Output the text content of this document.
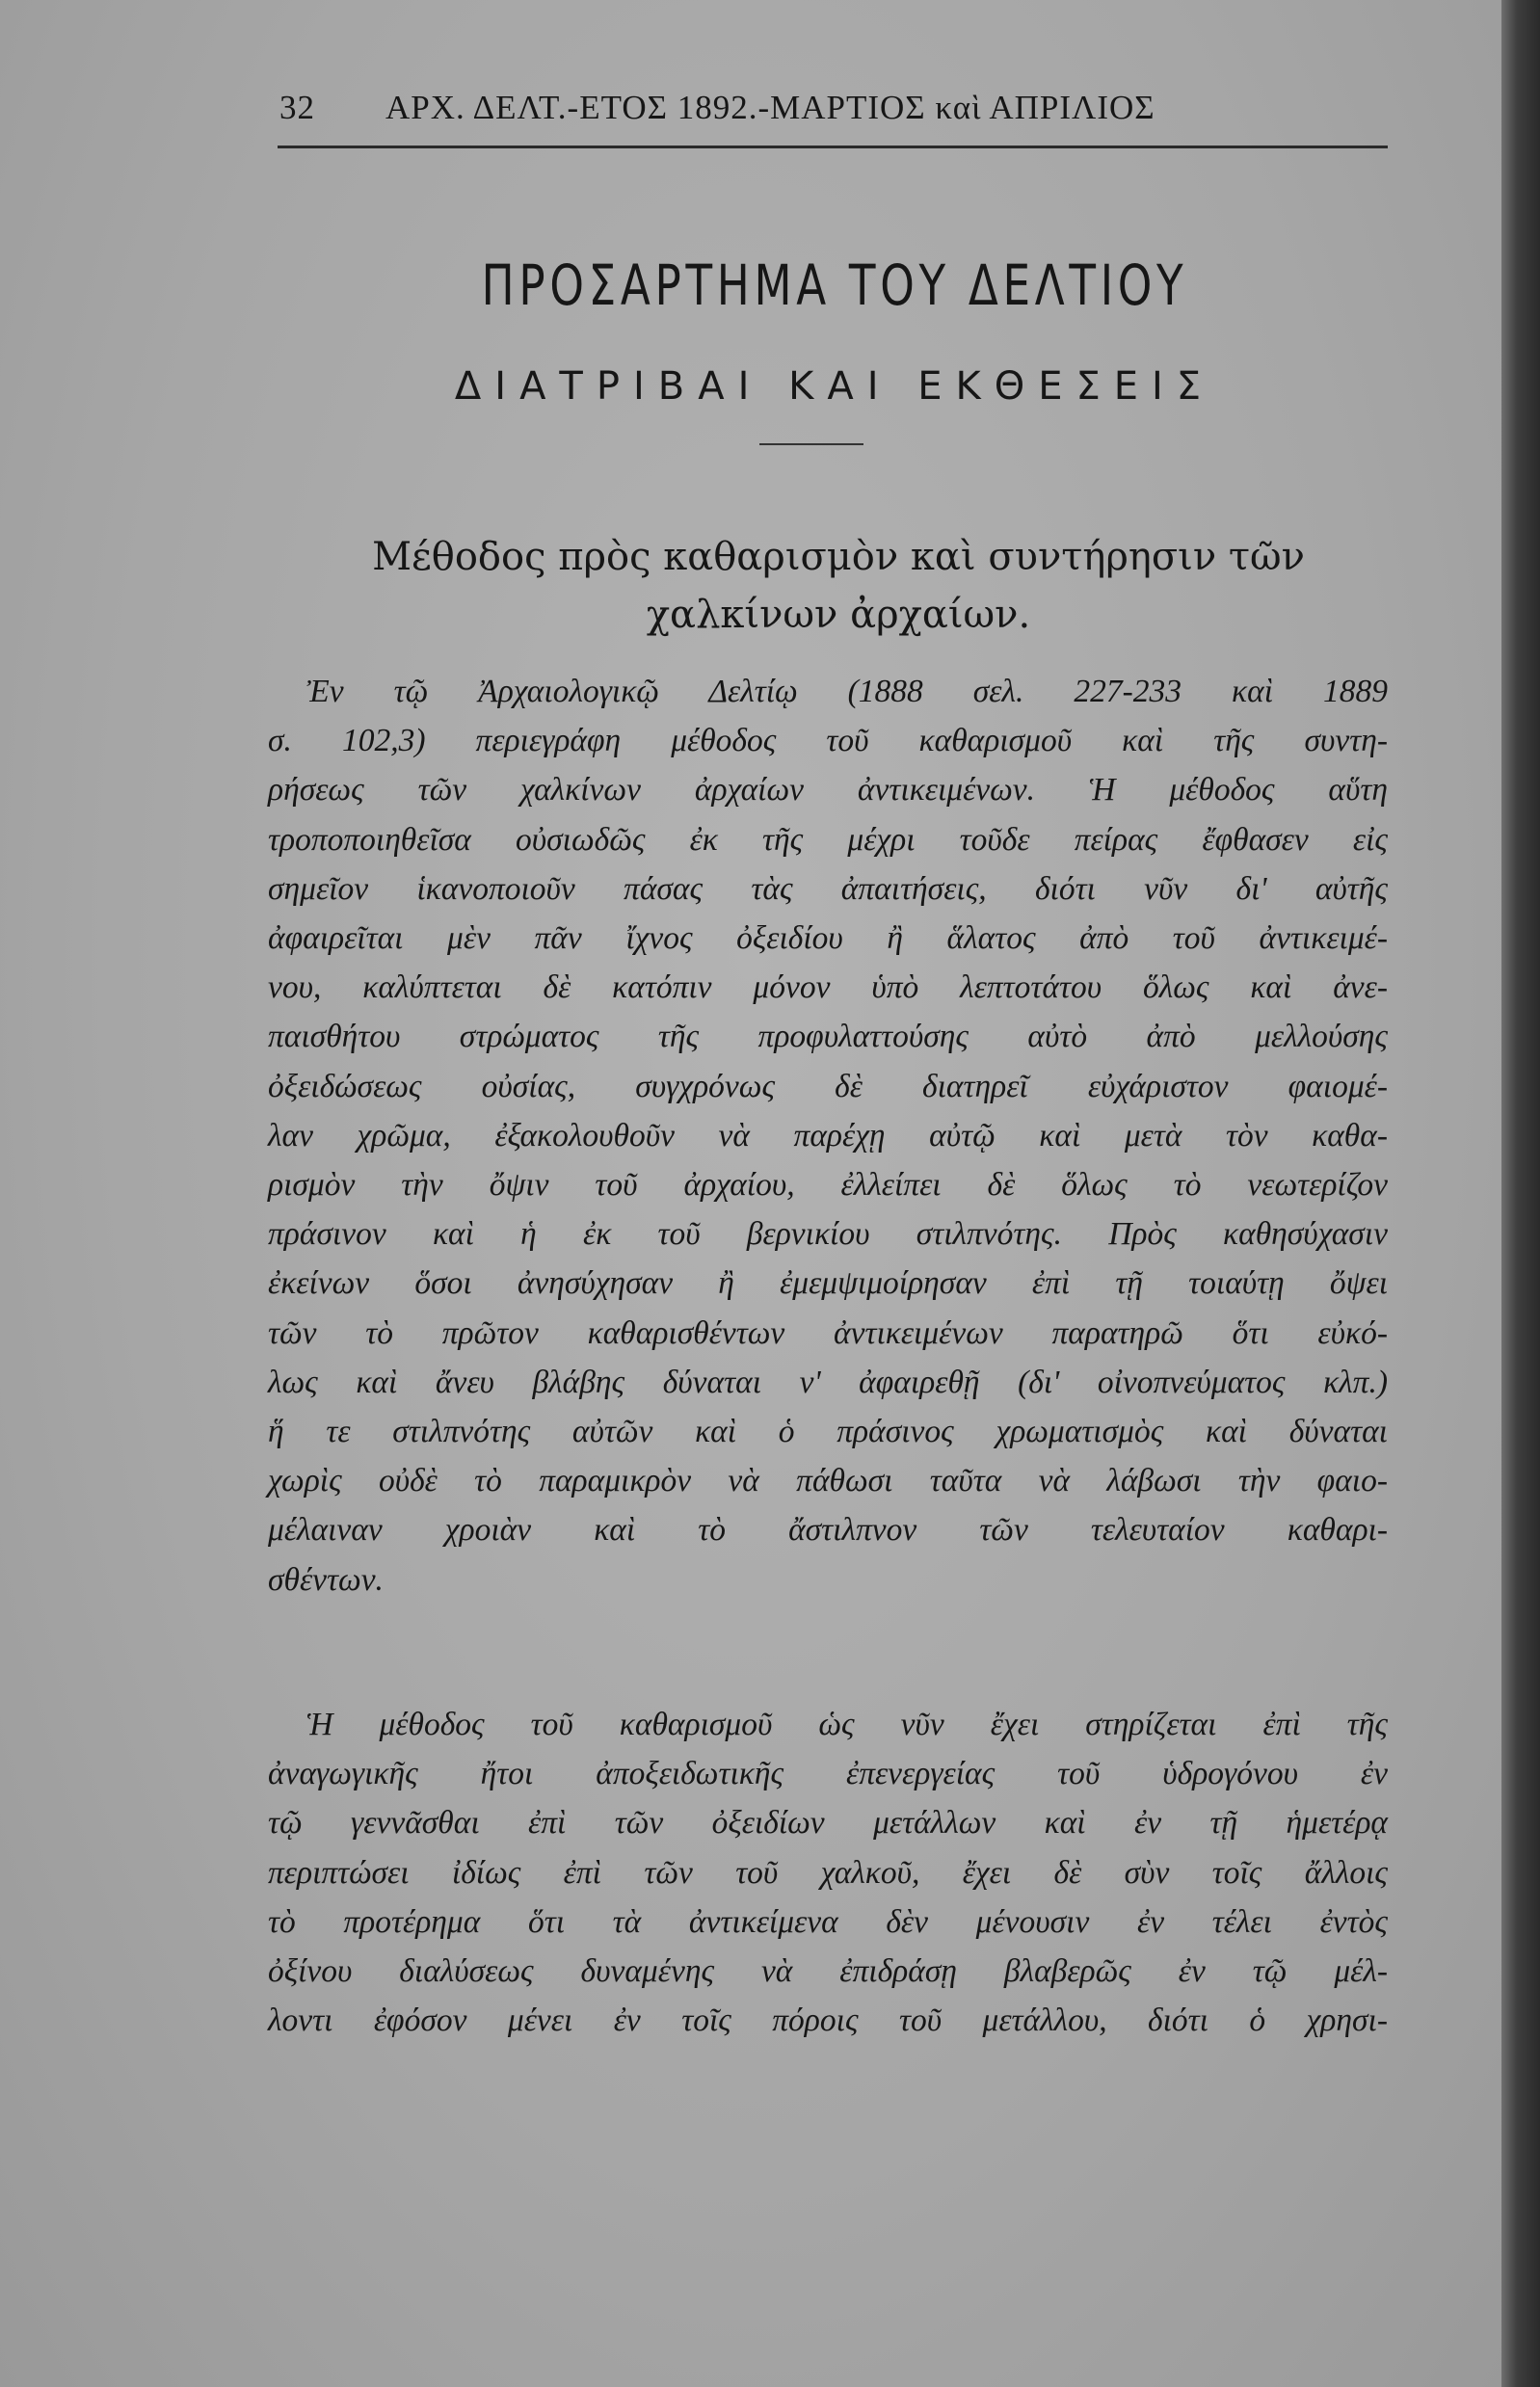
32 ΑΡΧ. ΔΕΛΤ.-ΕΤΟΣ 1892.-ΜΑΡΤΙΟΣ καὶ ΑΠΡΙΛΙΟΣ
ΠΡΟΣΑΡΤΗΜΑ ΤΟΥ ΔΕΛΤΙΟΥ
ΔΙΑΤΡΙΒΑΙ ΚΑΙ ΕΚΘΕΣΕΙΣ
Μέθοδος πρὸς καθαρισμὸν καὶ συντήρησιν τῶν
χαλκίνων ἀρχαίων.
Ἐν τῷ Ἀρχαιολογικῷ Δελτίῳ (1888 σελ. 227-233 καὶ 1889
σ. 102,3) περιεγράφη μέθοδος τοῦ καθαρισμοῦ καὶ τῆς συντη-
ρήσεως τῶν χαλκίνων ἀρχαίων ἀντικειμένων. Ἡ μέθοδος αὕτη
τροποποιηθεῖσα οὐσιωδῶς ἐκ τῆς μέχρι τοῦδε πείρας ἔφθασεν εἰς
σημεῖον ἱκανοποιοῦν πάσας τὰς ἀπαιτήσεις, διότι νῦν δι' αὐτῆς
ἀφαιρεῖται μὲν πᾶν ἴχνος ὀξειδίου ἢ ἅλατος ἀπὸ τοῦ ἀντικειμέ-
νου, καλύπτεται δὲ κατόπιν μόνον ὑπὸ λεπτοτάτου ὅλως καὶ ἀνε-
παισθήτου στρώματος τῆς προφυλαττούσης αὐτὸ ἀπὸ μελλούσης
ὀξειδώσεως οὐσίας, συγχρόνως δὲ διατηρεῖ εὐχάριστον φαιομέ-
λαν χρῶμα, ἐξακολουθοῦν νὰ παρέχῃ αὐτῷ καὶ μετὰ τὸν καθα-
ρισμὸν τὴν ὄψιν τοῦ ἀρχαίου, ἐλλείπει δὲ ὅλως τὸ νεωτερίζον
πράσινον καὶ ἡ ἐκ τοῦ βερνικίου στιλπνότης. Πρὸς καθησύχασιν
ἐκείνων ὅσοι ἀνησύχησαν ἢ ἐμεμψιμοίρησαν ἐπὶ τῇ τοιαύτῃ ὄψει
τῶν τὸ πρῶτον καθαρισθέντων ἀντικειμένων παρατηρῶ ὅτι εὐκό-
λως καὶ ἄνευ βλάβης δύναται ν' ἀφαιρεθῇ (δι' οἰνοπνεύματος κλπ.)
ἥ τε στιλπνότης αὐτῶν καὶ ὁ πράσινος χρωματισμὸς καὶ δύναται
χωρὶς οὐδὲ τὸ παραμικρὸν νὰ πάθωσι ταῦτα νὰ λάβωσι τὴν φαιο-
μέλαιναν χροιὰν καὶ τὸ ἄστιλπνον τῶν τελευταίον καθαρι-
σθέντων.
Ἡ μέθοδος τοῦ καθαρισμοῦ ὡς νῦν ἔχει στηρίζεται ἐπὶ τῆς
ἀναγωγικῆς ἤτοι ἀποξειδωτικῆς ἐπενεργείας τοῦ ὑδρογόνου ἐν
τῷ γεννᾶσθαι ἐπὶ τῶν ὀξειδίων μετάλλων καὶ ἐν τῇ ἡμετέρᾳ
περιπτώσει ἰδίως ἐπὶ τῶν τοῦ χαλκοῦ, ἔχει δὲ σὺν τοῖς ἄλλοις
τὸ προτέρημα ὅτι τὰ ἀντικείμενα δὲν μένουσιν ἐν τέλει ἐντὸς
ὀξίνου διαλύσεως δυναμένης νὰ ἐπιδράσῃ βλαβερῶς ἐν τῷ μέλ-
λοντι ἐφόσον μένει ἐν τοῖς πόροις τοῦ μετάλλου, διότι ὁ χρησι-
